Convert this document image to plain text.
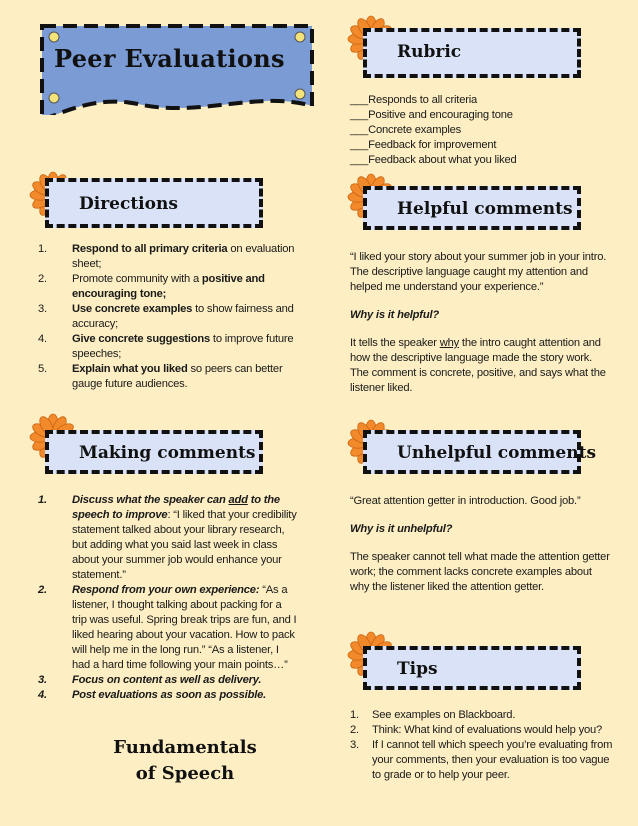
Peer Evaluations	Rubric
___Responds to all criteria
___Positive and encouraging tone
___Concrete examples
___Feedback for improvement
___Feedback about what you liked
Directions
1. Respond to all primary criteria on evaluation sheet;
2. Promote community with a positive and encouraging tone;
3. Use concrete examples to show fairness and accuracy;
4. Give concrete suggestions to improve future speeches;
5. Explain what you liked so peers can better gauge future audiences.
Helpful comments

“I liked your story about your summer job in your intro. The descriptive language caught my attention and helped me understand your experience.”

Why is it helpful?

It tells the speaker why the intro caught attention and how the descriptive language made the story work. The comment is concrete, positive, and says what the listener liked.

Making comments
1. Discuss what the speaker can add to the speech to improve: “I liked that your credibility statement talked about your library research, but adding what you said last week in class about your summer job would enhance your statement.”
2. Respond from your own experience: “As a listener, I thought talking about packing for a trip was useful. Spring break trips are fun, and I liked hearing about your vacation. How to pack will help me in the long run.” “As a listener, I had a hard time following your main points…”
3. Focus on content as well as delivery.
4. Post evaluations as soon as possible.
Unhelpful comments

“Great attention getter in introduction. Good job.”

Why is it unhelpful?

The speaker cannot tell what made the attention getter work; the comment lacks concrete examples about why the listener liked the attention getter.

Tips
1. See examples on Blackboard.
2. Think: What kind of evaluations would help you?
3. If I cannot tell which speech you’re evaluating from your comments, then your evaluation is too vague to grade or to help your peer.
Fundamentals
of Speech
